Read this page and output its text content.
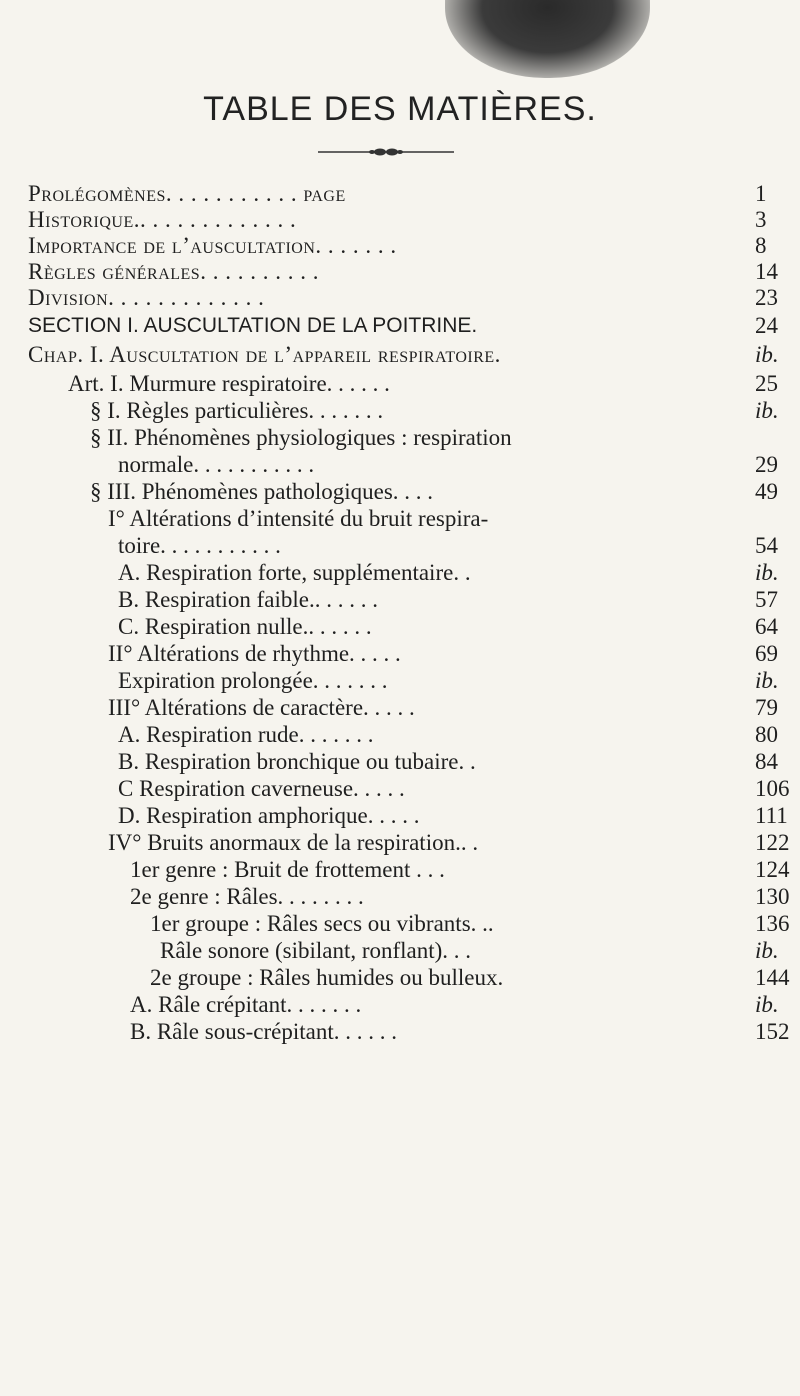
TABLE DES MATIÈRES.
Prolégomènes. . . . . . . . . . . page	1
Historique.. . . . . . . . . . . . .	3
Importance de l’auscultation. . . . . . .	8
Règles générales. . . . . . . . . .	14
Division. . . . . . . . . . . . .	23
SECTION I. AUSCULTATION DE LA POITRINE.	24
Chap. I. Auscultation de l’appareil respiratoire.	ib.
Art. I. Murmure respiratoire. . . . . .	25
§ I. Règles particulières. . . . . . .	ib.
§ II. Phénomènes physiologiques : respiration
normale. . . . . . . . . . .	29
§ III. Phénomènes pathologiques. . . .	49
I° Altérations d’intensité du bruit respira-
toire. . . . . . . . . . .	54
A. Respiration forte, supplémentaire. .	ib.
B. Respiration faible.. . . . . .	57
C. Respiration nulle.. . . . . .	64
II° Altérations de rhythme. . . . .	69
Expiration prolongée. . . . . . .	ib.
III° Altérations de caractère. . . . .	79
A. Respiration rude. . . . . . .	80
B. Respiration bronchique ou tubaire. .	84
C Respiration caverneuse. . . . .	106
D. Respiration amphorique. . . . .	111
IV° Bruits anormaux de la respiration.. .	122
1er genre : Bruit de frottement . . .	124
2e genre : Râles. . . . . . . .	130
1er groupe : Râles secs ou vibrants. ..	136
Râle sonore (sibilant, ronflant). . .	ib.
2e groupe : Râles humides ou bulleux.	144
A. Râle crépitant. . . . . . .	ib.
B. Râle sous-crépitant. . . . . .	152
